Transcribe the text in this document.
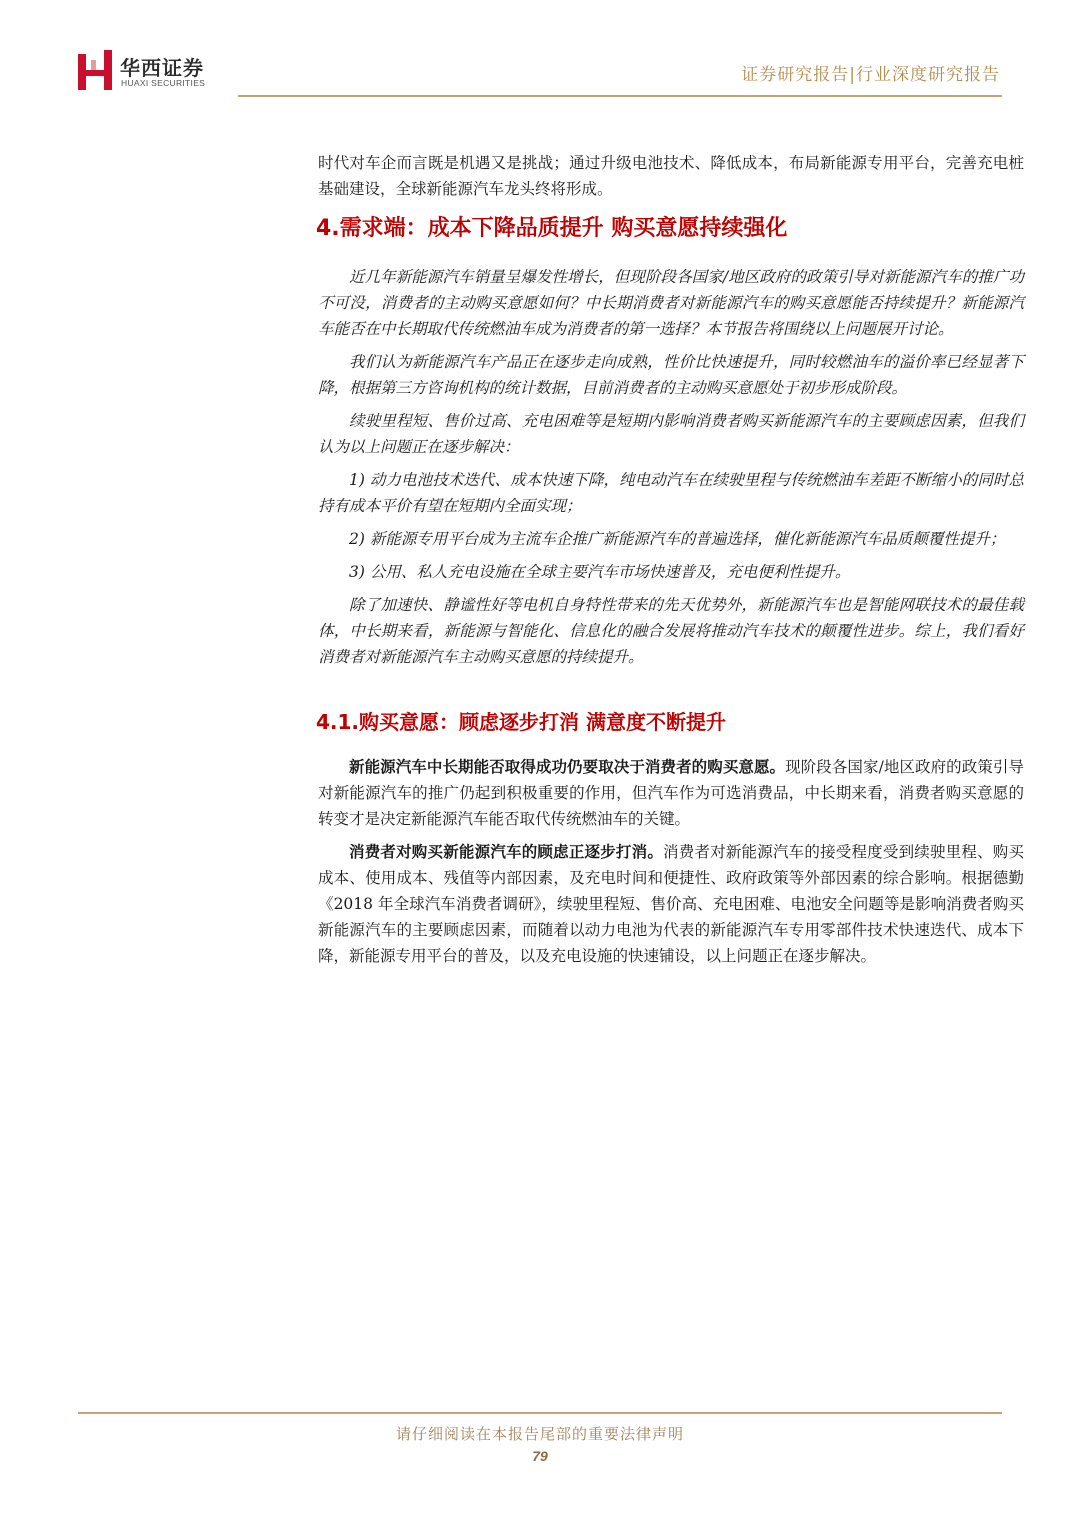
华西证券
HUAXI SECURITIES	证券研究报告|行业深度研究报告

时代对车企而言既是机遇又是挑战；通过升级电池技术、降低成本，布局新能源专用平台，完善充电桩基础建设，全球新能源汽车龙头终将形成。

4.需求端：成本下降品质提升 购买意愿持续强化

近几年新能源汽车销量呈爆发性增长，但现阶段各国家/地区政府的政策引导对新能源汽车的推广功不可没，消费者的主动购买意愿如何？中长期消费者对新能源汽车的购买意愿能否持续提升？新能源汽车能否在中长期取代传统燃油车成为消费者的第一选择？本节报告将围绕以上问题展开讨论。

我们认为新能源汽车产品正在逐步走向成熟，性价比快速提升，同时较燃油车的溢价率已经显著下降，根据第三方咨询机构的统计数据，目前消费者的主动购买意愿处于初步形成阶段。

续驶里程短、售价过高、充电困难等是短期内影响消费者购买新能源汽车的主要顾虑因素，但我们认为以上问题正在逐步解决：

1) 动力电池技术迭代、成本快速下降，纯电动汽车在续驶里程与传统燃油车差距不断缩小的同时总持有成本平价有望在短期内全面实现；

2) 新能源专用平台成为主流车企推广新能源汽车的普遍选择，催化新能源汽车品质颠覆性提升；

3) 公用、私人充电设施在全球主要汽车市场快速普及，充电便利性提升。

除了加速快、静谧性好等电机自身特性带来的先天优势外，新能源汽车也是智能网联技术的最佳载体，中长期来看，新能源与智能化、信息化的融合发展将推动汽车技术的颠覆性进步。综上，我们看好消费者对新能源汽车主动购买意愿的持续提升。

4.1.购买意愿：顾虑逐步打消 满意度不断提升

新能源汽车中长期能否取得成功仍要取决于消费者的购买意愿。现阶段各国家/地区政府的政策引导对新能源汽车的推广仍起到积极重要的作用，但汽车作为可选消费品，中长期来看，消费者购买意愿的转变才是决定新能源汽车能否取代传统燃油车的关键。

消费者对购买新能源汽车的顾虑正逐步打消。消费者对新能源汽车的接受程度受到续驶里程、购买成本、使用成本、残值等内部因素，及充电时间和便捷性、政府政策等外部因素的综合影响。根据德勤《2018 年全球汽车消费者调研》，续驶里程短、售价高、充电困难、电池安全问题等是影响消费者购买新能源汽车的主要顾虑因素，而随着以动力电池为代表的新能源汽车专用零部件技术快速迭代、成本下降，新能源专用平台的普及，以及充电设施的快速铺设，以上问题正在逐步解决。

请仔细阅读在本报告尾部的重要法律声明
79
